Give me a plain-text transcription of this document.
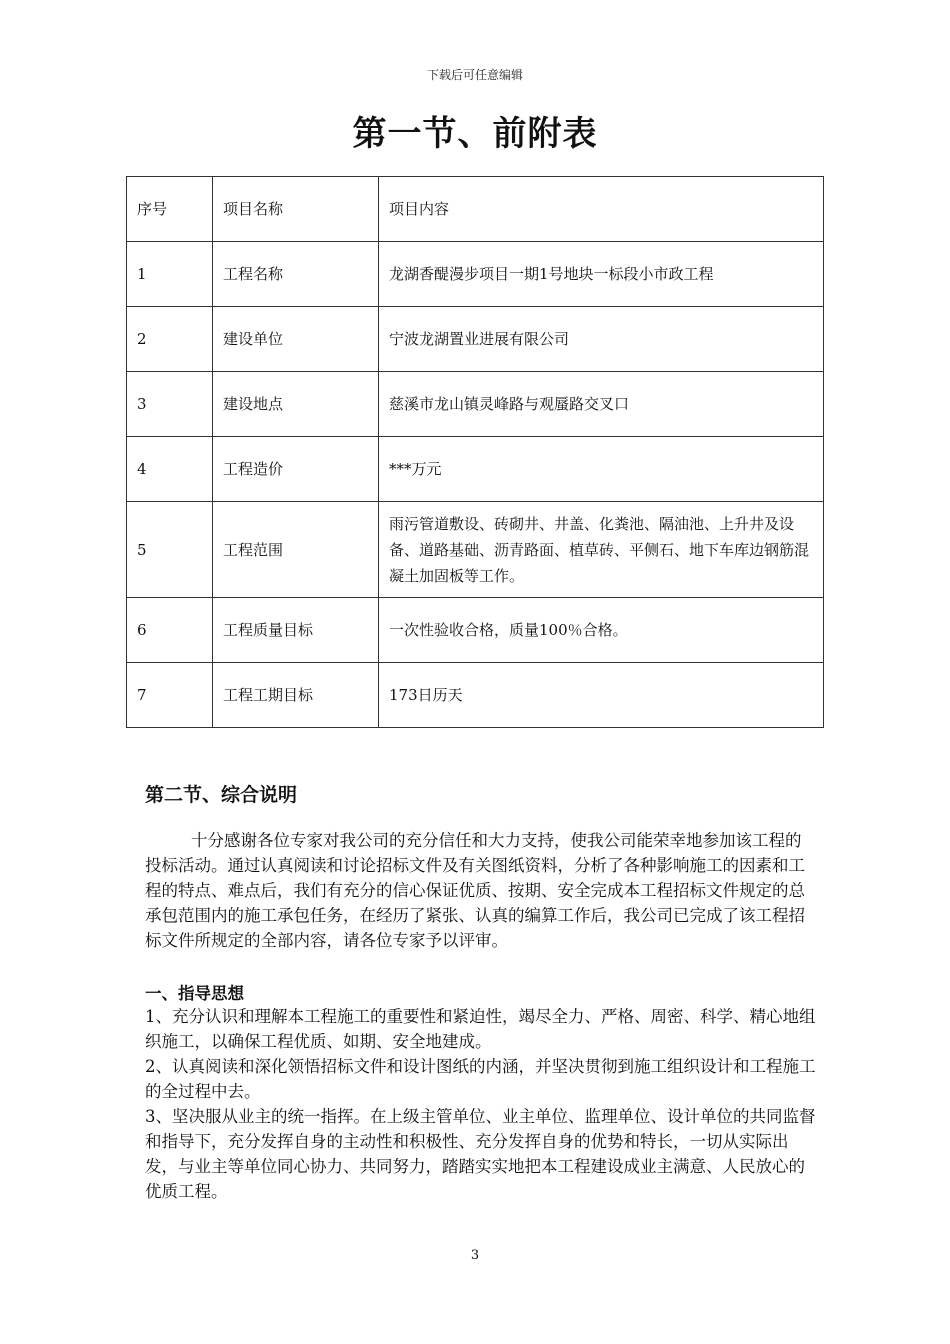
下载后可任意编辑
第一节、前附表
序号	项目名称	项目内容
1	工程名称	龙湖香醍漫步项目一期1号地块一标段小市政工程
2	建设单位	宁波龙湖置业进展有限公司
3	建设地点	慈溪市龙山镇灵峰路与观蜃路交叉口
4	工程造价	***万元
5	工程范围	雨污管道敷设、砖砌井、井盖、化粪池、隔油池、上升井及设备、道路基础、沥青路面、植草砖、平侧石、地下车库边钢筋混凝土加固板等工作。
6	工程质量目标	一次性验收合格，质量100％合格。
7	工程工期目标	173日历天
第二节、综合说明

十分感谢各位专家对我公司的充分信任和大力支持，使我公司能荣幸地参加该工程的投标活动。通过认真阅读和讨论招标文件及有关图纸资料，分析了各种影响施工的因素和工程的特点、难点后，我们有充分的信心保证优质、按期、安全完成本工程招标文件规定的总承包范围内的施工承包任务，在经历了紧张、认真的编算工作后，我公司已完成了该工程招标文件所规定的全部内容，请各位专家予以评审。

一、指导思想

1、充分认识和理解本工程施工的重要性和紧迫性，竭尽全力、严格、周密、科学、精心地组织施工，以确保工程优质、如期、安全地建成。

2、认真阅读和深化领悟招标文件和设计图纸的内涵，并坚决贯彻到施工组织设计和工程施工的全过程中去。

3、坚决服从业主的统一指挥。在上级主管单位、业主单位、监理单位、设计单位的共同监督和指导下，充分发挥自身的主动性和积极性、充分发挥自身的优势和特长，一切从实际出发，与业主等单位同心协力、共同努力，踏踏实实地把本工程建设成业主满意、人民放心的优质工程。

3
